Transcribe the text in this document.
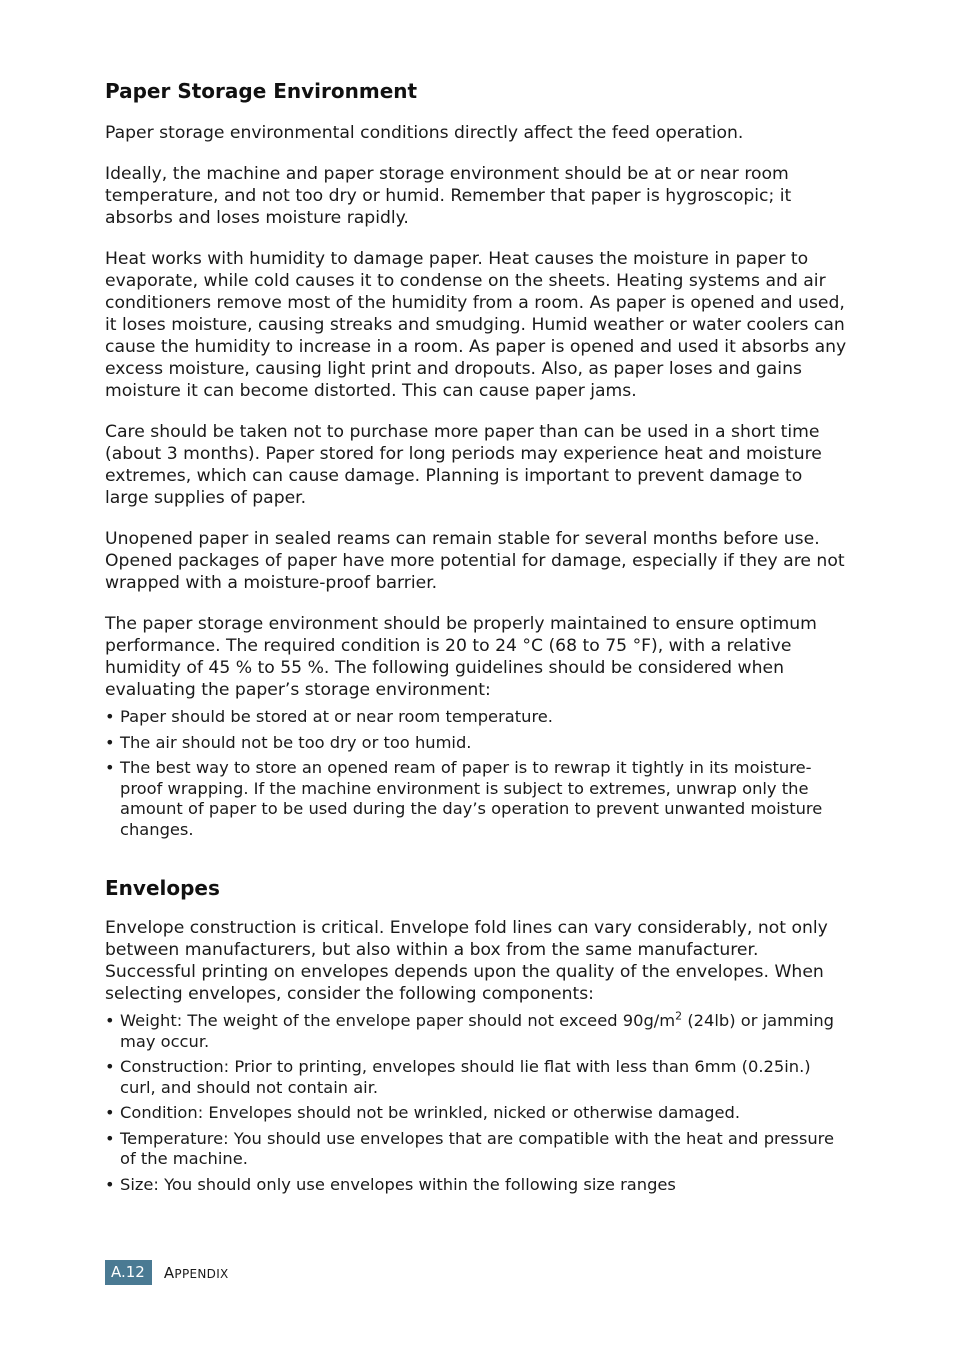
Paper Storage Environment

Paper storage environmental conditions directly affect the feed operation.

Ideally, the machine and paper storage environment should be at or near room temperature, and not too dry or humid. Remember that paper is hygroscopic; it absorbs and loses moisture rapidly.

Heat works with humidity to damage paper. Heat causes the moisture in paper to evaporate, while cold causes it to condense on the sheets. Heating systems and air conditioners remove most of the humidity from a room. As paper is opened and used, it loses moisture, causing streaks and smudging. Humid weather or water coolers can cause the humidity to increase in a room. As paper is opened and used it absorbs any excess moisture, causing light print and dropouts. Also, as paper loses and gains moisture it can become distorted. This can cause paper jams.

Care should be taken not to purchase more paper than can be used in a short time (about 3 months). Paper stored for long periods may experience heat and moisture extremes, which can cause damage. Planning is important to prevent damage to large supplies of paper.

Unopened paper in sealed reams can remain stable for several months before use. Opened packages of paper have more potential for damage, especially if they are not wrapped with a moisture-proof barrier.

The paper storage environment should be properly maintained to ensure optimum performance. The required condition is 20 to 24 °C (68 to 75 °F), with a relative humidity of 45 % to 55 %. The following guidelines should be considered when evaluating the paper’s storage environment:

• Paper should be stored at or near room temperature.
• The air should not be too dry or too humid.
• The best way to store an opened ream of paper is to rewrap it tightly in its moisture-proof wrapping. If the machine environment is subject to extremes, unwrap only the amount of paper to be used during the day’s operation to prevent unwanted moisture changes.
Envelopes

Envelope construction is critical. Envelope fold lines can vary considerably, not only between manufacturers, but also within a box from the same manufacturer. Successful printing on envelopes depends upon the quality of the envelopes. When selecting envelopes, consider the following components:

• Weight: The weight of the envelope paper should not exceed $90g/m^2$ (24lb) or jamming may occur.
• Construction: Prior to printing, envelopes should lie flat with less than 6mm (0.25in.) curl, and should not contain air.
• Condition: Envelopes should not be wrinkled, nicked or otherwise damaged.
• Temperature: You should use envelopes that are compatible with the heat and pressure of the machine.
• Size: You should only use envelopes within the following size ranges
A.12	APPENDIX
